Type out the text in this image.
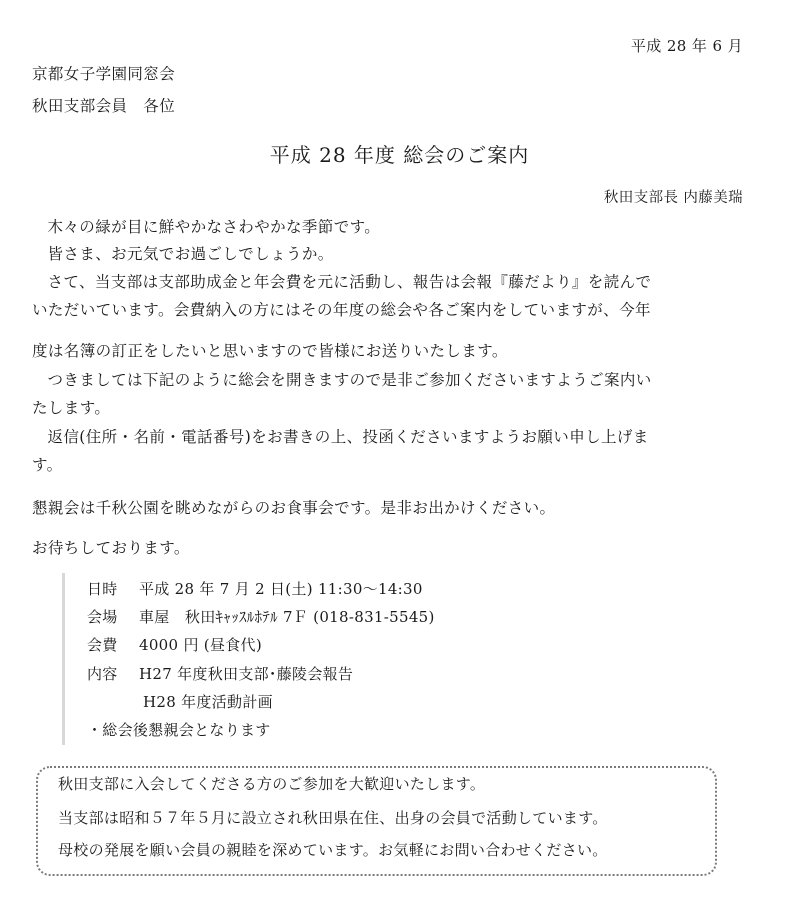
平成 28 年 6 月
京都女子学園同窓会
秋田支部会員　各位
平成 28 年度 総会のご案内
秋田支部長 内藤美瑞
木々の緑が目に鮮やかなさわやかな季節です。
皆さま、お元気でお過ごしでしょうか。
さて、当支部は支部助成金と年会費を元に活動し、報告は会報『藤だより』を読んで
いただいています。会費納入の方にはその年度の総会や各ご案内をしていますが、今年
度は名簿の訂正をしたいと思いますので皆様にお送りいたします。
つきましては下記のように総会を開きますので是非ご参加くださいますようご案内い
たします。
返信(住所・名前・電話番号)をお書きの上、投函くださいますようお願い申し上げま
す。
懇親会は千秋公園を眺めながらのお食事会です。是非お出かけください。
お待ちしております。
日時 平成 28 年 7 月 2 日(土) 11:30～14:30
会場 車屋　秋田ｷｬｯｽﾙﾎﾃﾙ 7Ｆ (018-831-5545)
会費 4000 円 (昼食代)
内容 H27 年度秋田支部･藤陵会報告
H28 年度活動計画
・総会後懇親会となります
秋田支部に入会してくださる方のご参加を大歓迎いたします。
当支部は昭和５７年５月に設立され秋田県在住、出身の会員で活動しています。
母校の発展を願い会員の親睦を深めています。お気軽にお問い合わせください。
